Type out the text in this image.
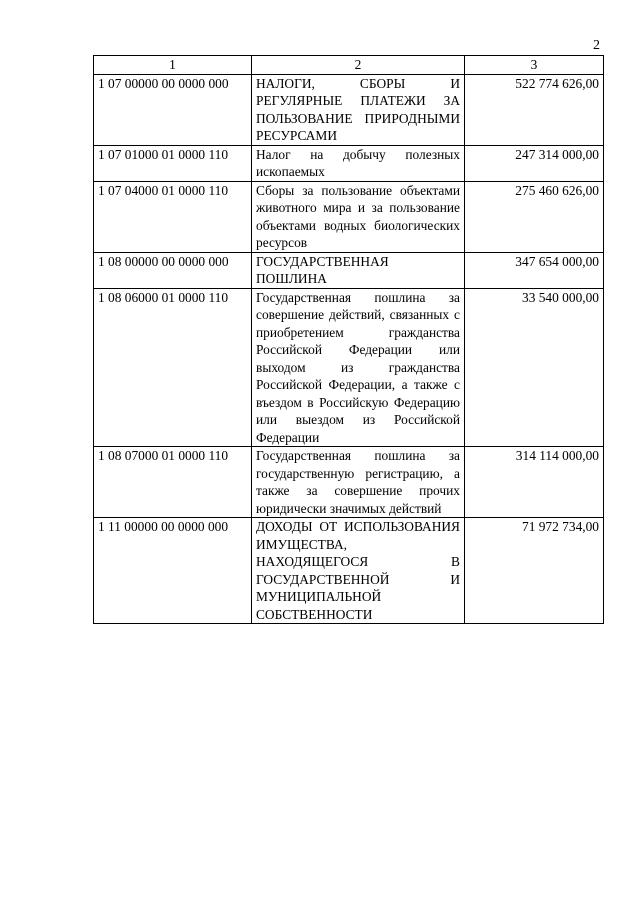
2
1	2	3
1 07 00000 00 0000 000	НАЛОГИ, СБОРЫ И РЕГУЛЯРНЫЕ ПЛАТЕЖИ ЗА ПОЛЬЗОВАНИЕ ПРИРОДНЫМИ РЕСУРСАМИ	522 774 626,00
1 07 01000 01 0000 110	Налог на добычу полезных ископаемых	247 314 000,00
1 07 04000 01 0000 110	Сборы за пользование объектами животного мира и за пользование объектами водных биологических ресурсов	275 460 626,00
1 08 00000 00 0000 000	ГОСУДАРСТВЕННАЯ ПОШЛИНА	347 654 000,00
1 08 06000 01 0000 110	Государственная пошлина за совершение действий, связанных с приобретением гражданства Российской Федерации или выходом из гражданства Российской Федерации, а также с въездом в Российскую Федерацию или выездом из Российской Федерации	33 540 000,00
1 08 07000 01 0000 110	Государственная пошлина за государственную регистрацию, а также за совершение прочих юридически значимых действий	314 114 000,00
1 11 00000 00 0000 000	ДОХОДЫ ОТ ИСПОЛЬЗОВАНИЯ ИМУЩЕСТВА, НАХОДЯЩЕГОСЯ В ГОСУДАРСТВЕННОЙ И МУНИЦИПАЛЬНОЙ СОБСТВЕННОСТИ	71 972 734,00
